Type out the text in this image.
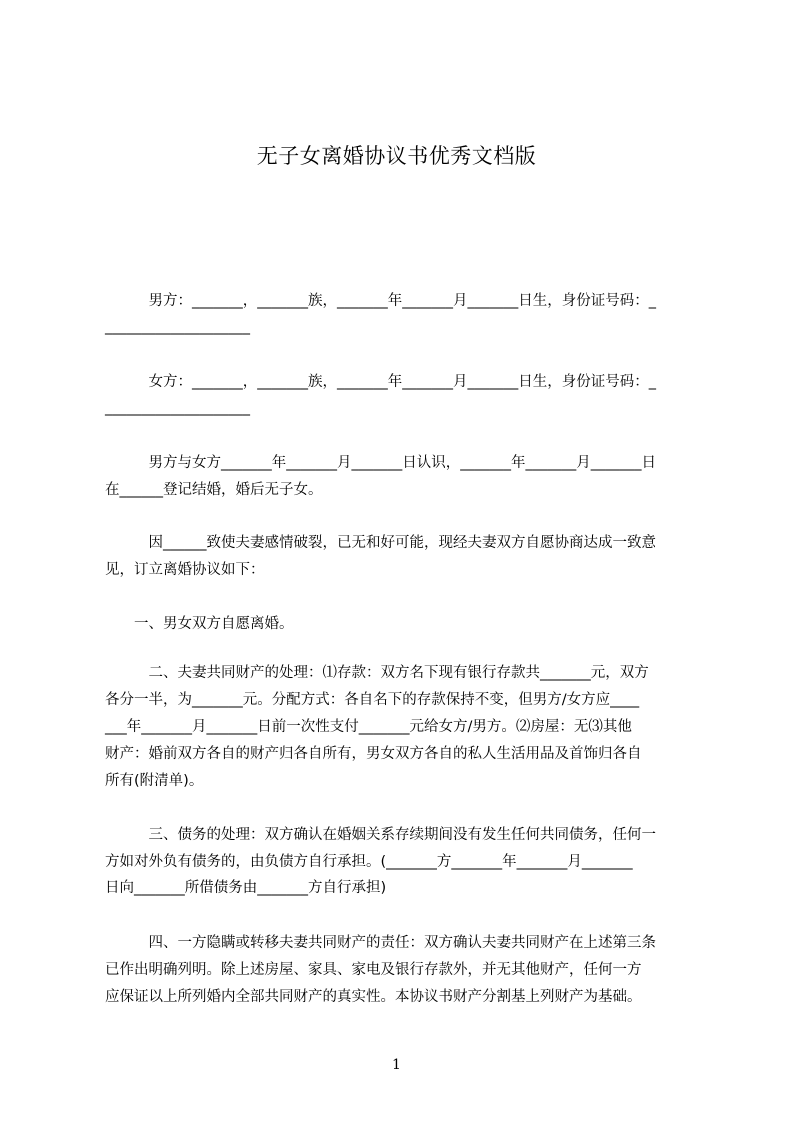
无子女离婚协议书优秀文档版
　　　男方：_______，_______族，_______年_______月_______日生，身份证号码：_
____________________
　　　女方：_______，_______族，_______年_______月_______日生，身份证号码：_
____________________
　　　男方与女方_______年_______月_______日认识，_______年_______月_______日
在______登记结婚，婚后无子女。
　　　因______致使夫妻感情破裂，已无和好可能，现经夫妻双方自愿协商达成一致意
见，订立离婚协议如下：
　　一、男女双方自愿离婚。
　　　二、夫妻共同财产的处理：⑴存款：双方名下现有银行存款共_______元，双方
各分一半，为_______元。分配方式：各自名下的存款保持不变，但男方/女方应____
___年_______月_______日前一次性支付_______元给女方/男方。⑵房屋：无⑶其他
财产：婚前双方各自的财产归各自所有，男女双方各自的私人生活用品及首饰归各自
所有(附清单)。
　　　三、债务的处理：双方确认在婚姻关系存续期间没有发生任何共同债务，任何一
方如对外负有债务的，由负债方自行承担。(_______方_______年_______月_______
日向_______所借债务由_______方自行承担)
　　　四、一方隐瞒或转移夫妻共同财产的责任：双方确认夫妻共同财产在上述第三条
已作出明确列明。除上述房屋、家具、家电及银行存款外，并无其他财产，任何一方
应保证以上所列婚内全部共同财产的真实性。本协议书财产分割基上列财产为基础。
1
